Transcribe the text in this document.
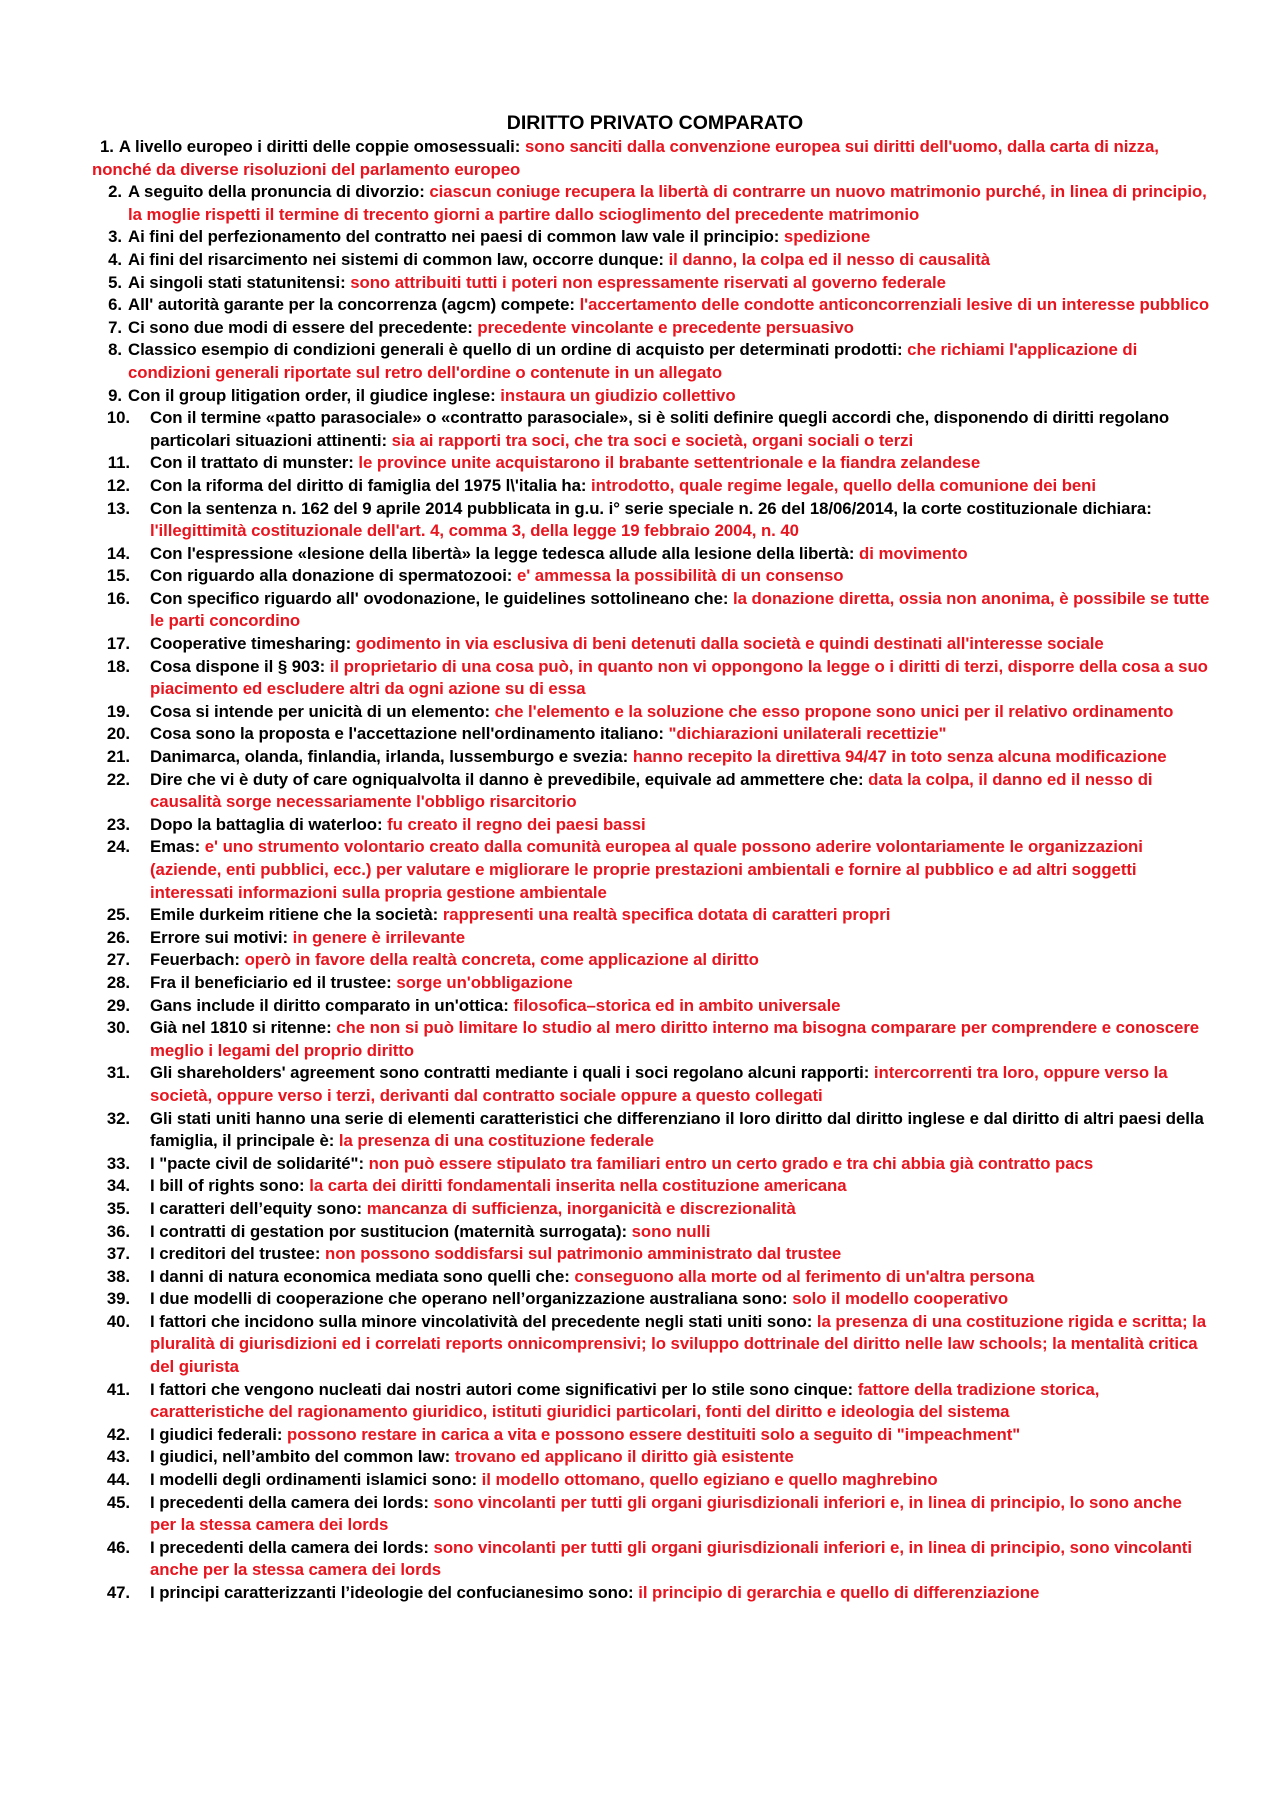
DIRITTO PRIVATO COMPARATO
1. A livello europeo i diritti delle coppie omosessuali: sono sanciti dalla convenzione europea sui diritti dell'uomo, dalla carta di nizza, nonché da diverse risoluzioni del parlamento europeo
2. A seguito della pronuncia di divorzio: ciascun coniuge recupera la libertà di contrarre un nuovo matrimonio purché, in linea di principio, la moglie rispetti il termine di trecento giorni a partire dallo scioglimento del precedente matrimonio
3. Ai fini del perfezionamento del contratto nei paesi di common law vale il principio: spedizione
4. Ai fini del risarcimento nei sistemi di common law, occorre dunque: il danno, la colpa ed il nesso di causalità
5. Ai singoli stati statunitensi: sono attribuiti tutti i poteri non espressamente riservati al governo federale
6. All' autorità garante per la concorrenza (agcm) compete: l'accertamento delle condotte anticoncorrenziali lesive di un interesse pubblico
7. Ci sono due modi di essere del precedente: precedente vincolante e precedente persuasivo
8. Classico esempio di condizioni generali è quello di un ordine di acquisto per determinati prodotti: che richiami l'applicazione di condizioni generali riportate sul retro dell'ordine o contenute in un allegato
9. Con il group litigation order, il giudice inglese: instaura un giudizio collettivo
10.	Con il termine «patto parasociale» o «contratto parasociale», si è soliti definire quegli accordi che, disponendo di diritti regolano particolari situazioni attinenti: sia ai rapporti tra soci, che tra soci e società, organi sociali o terzi
11.	Con il trattato di munster: le province unite acquistarono il brabante settentrionale e la fiandra zelandese
12.	Con la riforma del diritto di famiglia del 1975 l\'italia ha: introdotto, quale regime legale, quello della comunione dei beni
13.	Con la sentenza n. 162 del 9 aprile 2014 pubblicata in g.u. i° serie speciale n. 26 del 18/06/2014, la corte costituzionale dichiara: l'illegittimità costituzionale dell'art. 4, comma 3, della legge 19 febbraio 2004, n. 40
14.	Con l'espressione «lesione della libertà» la legge tedesca allude alla lesione della libertà: di movimento
15.	Con riguardo alla donazione di spermatozooi: e' ammessa la possibilità di un consenso
16.	Con specifico riguardo all' ovodonazione, le guidelines sottolineano che: la donazione diretta, ossia non anonima, è possibile se tutte le parti concordino
17.	Cooperative timesharing: godimento in via esclusiva di beni detenuti dalla società e quindi destinati all'interesse sociale
18.	Cosa dispone il § 903: il proprietario di una cosa può, in quanto non vi oppongono la legge o i diritti di terzi, disporre della cosa a suo piacimento ed escludere altri da ogni azione su di essa
19.	Cosa si intende per unicità di un elemento: che l'elemento e la soluzione che esso propone sono unici per il relativo ordinamento
20.	Cosa sono la proposta e l'accettazione nell'ordinamento italiano: "dichiarazioni unilaterali recettizie"
21.	Danimarca, olanda, finlandia, irlanda, lussemburgo e svezia: hanno recepito la direttiva 94/47 in toto senza alcuna modificazione
22.	Dire che vi è duty of care ogniqualvolta il danno è prevedibile, equivale ad ammettere che: data la colpa, il danno ed il nesso di causalità sorge necessariamente l'obbligo risarcitorio
23.	Dopo la battaglia di waterloo: fu creato il regno dei paesi bassi
24.	Emas: e' uno strumento volontario creato dalla comunità europea al quale possono aderire volontariamente le organizzazioni (aziende, enti pubblici, ecc.) per valutare e migliorare le proprie prestazioni ambientali e fornire al pubblico e ad altri soggetti interessati informazioni sulla propria gestione ambientale
25.	Emile durkeim ritiene che la società: rappresenti una realtà specifica dotata di caratteri propri
26.	Errore sui motivi: in genere è irrilevante
27.	Feuerbach: operò in favore della realtà concreta, come applicazione al diritto
28.	Fra il beneficiario ed il trustee: sorge un'obbligazione
29.	Gans include il diritto comparato in un'ottica: filosofica–storica ed in ambito universale
30.	Già nel 1810 si ritenne: che non si può limitare lo studio al mero diritto interno ma bisogna comparare per comprendere e conoscere meglio i legami del proprio diritto
31.	Gli shareholders' agreement sono contratti mediante i quali i soci regolano alcuni rapporti: intercorrenti tra loro, oppure verso la società, oppure verso i terzi, derivanti dal contratto sociale oppure a questo collegati
32.	Gli stati uniti hanno una serie di elementi caratteristici che differenziano il loro diritto dal diritto inglese e dal diritto di altri paesi della famiglia, il principale è: la presenza di una costituzione federale
33.	I "pacte civil de solidarité": non può essere stipulato tra familiari entro un certo grado e tra chi abbia già contratto pacs
34.	I bill of rights sono: la carta dei diritti fondamentali inserita nella costituzione americana
35.	I caratteri dell’equity sono: mancanza di sufficienza, inorganicità e discrezionalità
36.	I contratti di gestation por sustitucion (maternità surrogata): sono nulli
37.	I creditori del trustee: non possono soddisfarsi sul patrimonio amministrato dal trustee
38.	I danni di natura economica mediata sono quelli che: conseguono alla morte od al ferimento di un'altra persona
39.	I due modelli di cooperazione che operano nell’organizzazione australiana sono: solo il modello cooperativo
40.	I fattori che incidono sulla minore vincolatività del precedente negli stati uniti sono: la presenza di una costituzione rigida e scritta; la pluralità di giurisdizioni ed i correlati reports onnicomprensivi; lo sviluppo dottrinale del diritto nelle law schools; la mentalità critica del giurista
41.	I fattori che vengono nucleati dai nostri autori come significativi per lo stile sono cinque: fattore della tradizione storica, caratteristiche del ragionamento giuridico, istituti giuridici particolari, fonti del diritto e ideologia del sistema
42.	I giudici federali: possono restare in carica a vita e possono essere destituiti solo a seguito di "impeachment"
43.	I giudici, nell’ambito del common law: trovano ed applicano il diritto già esistente
44.	I modelli degli ordinamenti islamici sono: il modello ottomano, quello egiziano e quello maghrebino
45.	I precedenti della camera dei lords: sono vincolanti per tutti gli organi giurisdizionali inferiori e, in linea di principio, lo sono anche per la stessa camera dei lords
46.	I precedenti della camera dei lords: sono vincolanti per tutti gli organi giurisdizionali inferiori e, in linea di principio, sono vincolanti anche per la stessa camera dei lords
47.	I principi caratterizzanti l’ideologie del confucianesimo sono: il principio di gerarchia e quello di differenziazione
